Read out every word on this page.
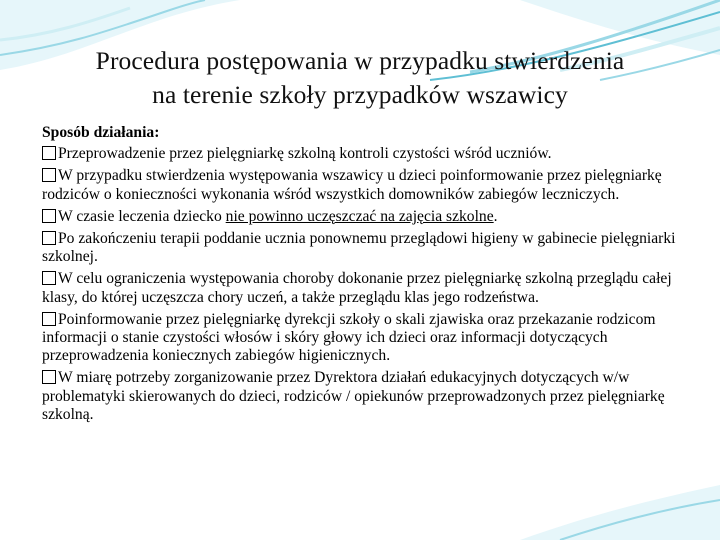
Procedura postępowania w przypadku stwierdzenia
na terenie szkoły przypadków wszawicy
Sposób działania:
Przeprowadzenie przez pielęgniarkę szkolną kontroli czystości wśród uczniów.
W przypadku stwierdzenia występowania wszawicy u dzieci poinformowanie przez pielęgniarkę rodziców o konieczności wykonania wśród wszystkich domowników zabiegów leczniczych.
W czasie leczenia dziecko nie powinno uczęszczać na zajęcia szkolne.
Po zakończeniu terapii poddanie ucznia ponownemu przeglądowi higieny w gabinecie pielęgniarki szkolnej.
W celu ograniczenia występowania choroby dokonanie przez pielęgniarkę szkolną przeglądu całej klasy, do której uczęszcza chory uczeń, a także przeglądu klas jego rodzeństwa.
Poinformowanie przez pielęgniarkę dyrekcji szkoły o skali zjawiska oraz przekazanie rodzicom informacji o stanie czystości włosów i skóry głowy ich dzieci oraz informacji dotyczących przeprowadzenia koniecznych zabiegów higienicznych.
W miarę potrzeby zorganizowanie przez Dyrektora działań edukacyjnych dotyczących w/w problematyki skierowanych do dzieci, rodziców / opiekunów przeprowadzonych przez pielęgniarkę szkolną.
